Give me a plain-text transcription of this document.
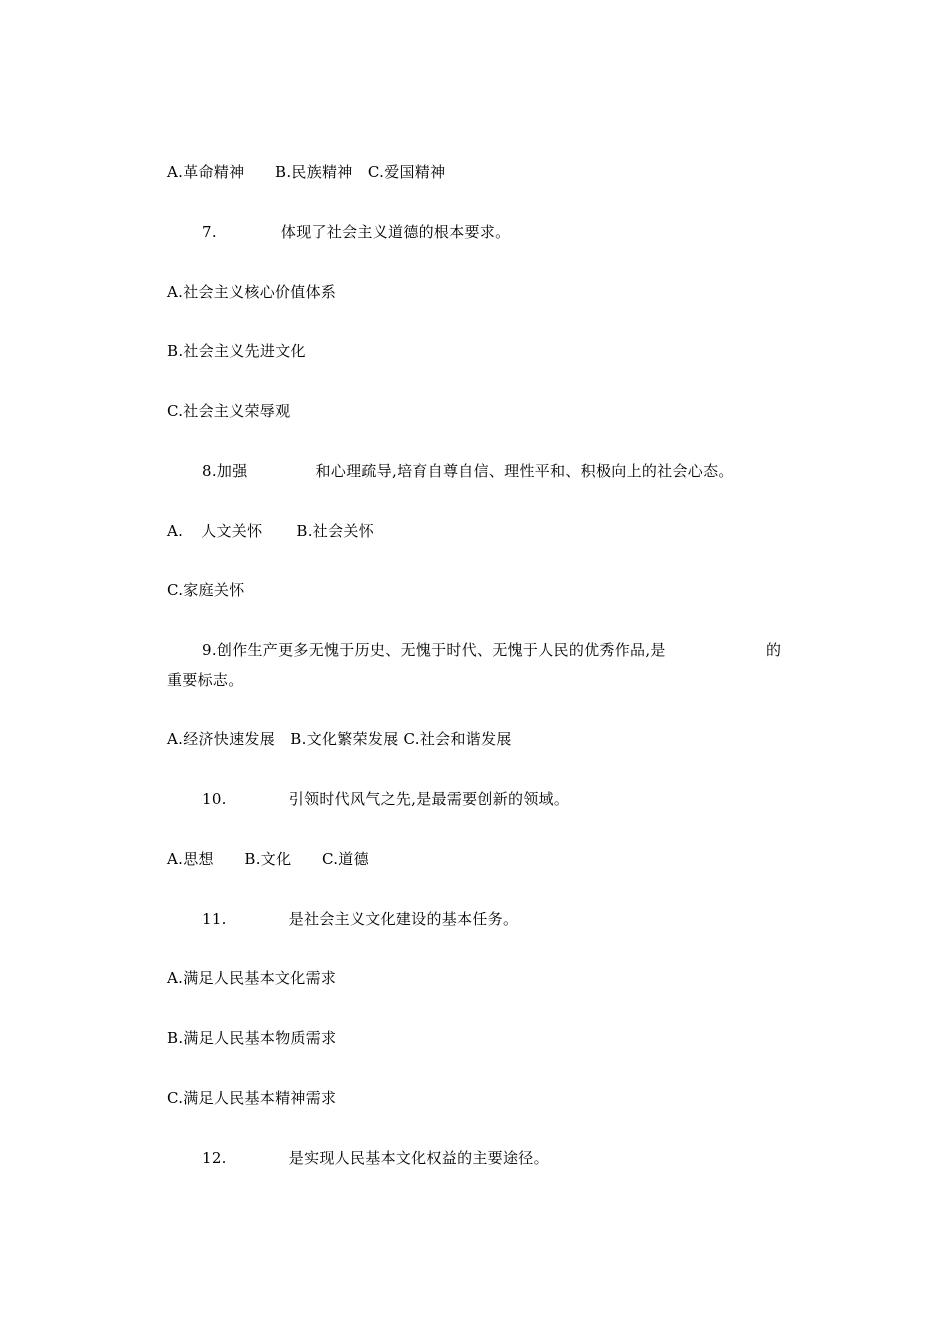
A.革命精神　　B.民族精神　C.爱国精神
7.	体现了社会主义道德的根本要求。
A.社会主义核心价值体系
B.社会主义先进文化
C.社会主义荣辱观
8.加强	和心理疏导,培育自尊自信、理性平和、积极向上的社会心态。
A. 人文关怀 B.社会关怀
C.家庭关怀
9.创作生产更多无愧于历史、无愧于时代、无愧于人民的优秀作品,是	的
重要标志。
A.经济快速发展　B.文化繁荣发展 C.社会和谐发展
10.	引领时代风气之先,是最需要创新的领域。
A.思想　　B.文化　　C.道德
11.	是社会主义文化建设的基本任务。
A.满足人民基本文化需求
B.满足人民基本物质需求
C.满足人民基本精神需求
12.	是实现人民基本文化权益的主要途径。
